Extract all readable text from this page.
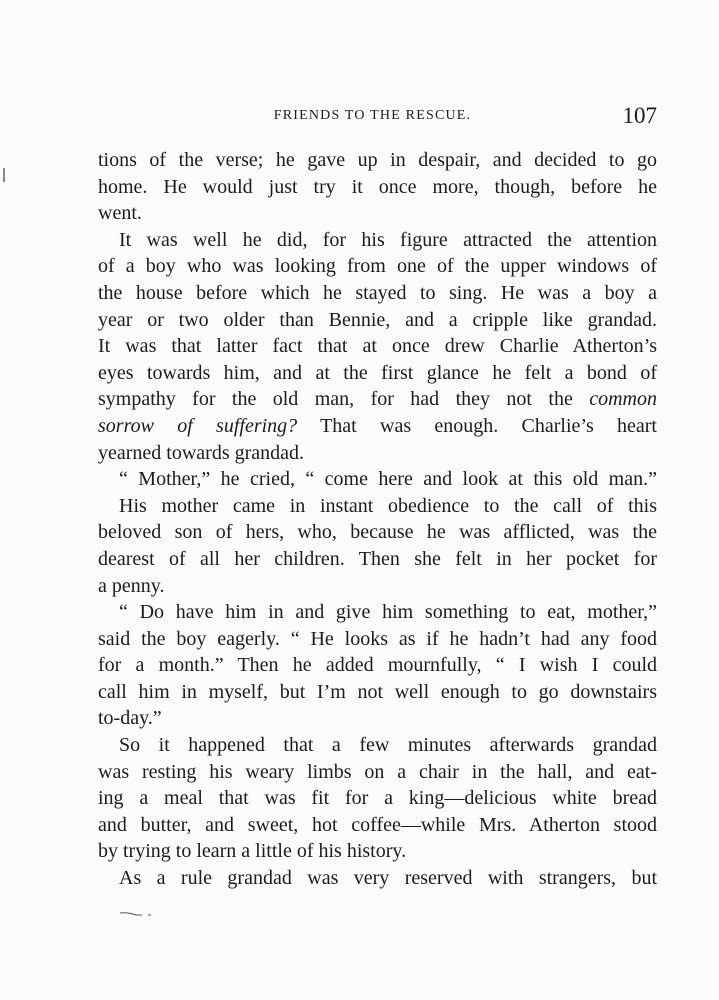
FRIENDS TO THE RESCUE.	107
tions of the verse; he gave up in despair, and decided to go
home. He would just try it once more, though, before he
went.
It was well he did, for his figure attracted the attention
of a boy who was looking from one of the upper windows of
the house before which he stayed to sing. He was a boy a
year or two older than Bennie, and a cripple like grandad.
It was that latter fact that at once drew Charlie Atherton’s
eyes towards him, and at the first glance he felt a bond of
sympathy for the old man, for had they not the common
sorrow of suffering? That was enough. Charlie’s heart
yearned towards grandad.
“ Mother,” he cried, “ come here and look at this old man.”
His mother came in instant obedience to the call of this
beloved son of hers, who, because he was afflicted, was the
dearest of all her children. Then she felt in her pocket for
a penny.
“ Do have him in and give him something to eat, mother,”
said the boy eagerly. “ He looks as if he hadn’t had any food
for a month.” Then he added mournfully, “ I wish I could
call him in myself, but I’m not well enough to go downstairs
to-day.”
So it happened that a few minutes afterwards grandad
was resting his weary limbs on a chair in the hall, and eat-
ing a meal that was fit for a king—delicious white bread
and butter, and sweet, hot coffee—while Mrs. Atherton stood
by trying to learn a little of his history.
As a rule grandad was very reserved with strangers, but
